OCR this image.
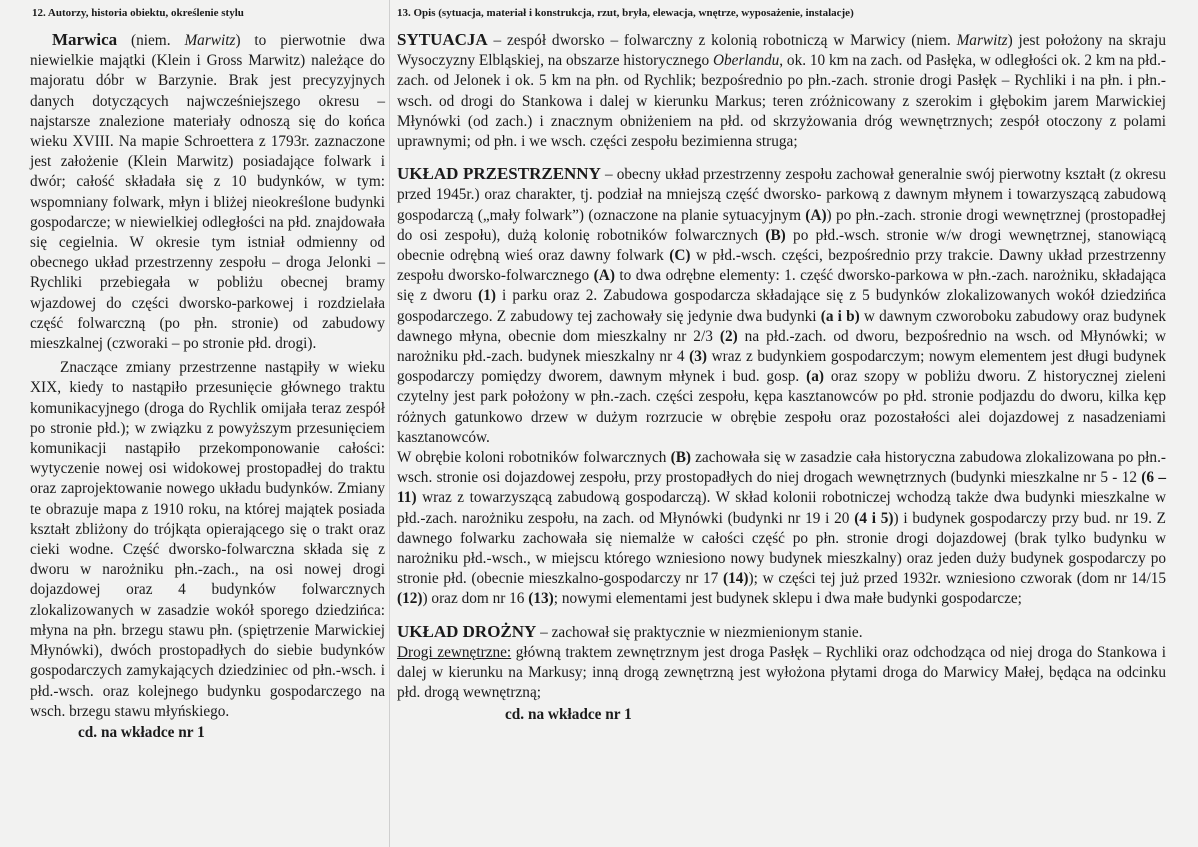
12. Autorzy, historia obiektu, określenie stylu	13. Opis (sytuacja, materiał i konstrukcja, rzut, bryła, elewacja, wnętrze, wyposażenie, instalacje)

Marwica (niem. Marwitz) to pierwotnie dwa niewielkie majątki (Klein i Gross Marwitz) należące do majoratu dóbr w Barzynie. Brak jest precyzyjnych danych dotyczących najwcześniejszego okresu – najstarsze znalezione materiały odnoszą się do końca wieku XVIII. Na mapie Schroettera z 1793r. zaznaczone jest założenie (Klein Marwitz) posiadające folwark i dwór; całość składała się z 10 budynków, w tym: wspomniany folwark, młyn i bliżej nieokreślone budynki gospodarcze; w niewielkiej odległości na płd. znajdowała się cegielnia. W okresie tym istniał odmienny od obecnego układ przestrzenny zespołu – droga Jelonki – Rychliki przebiegała w pobliżu obecnej bramy wjazdowej do części dworsko-parkowej i rozdzielała część folwarczną (po płn. stronie) od zabudowy mieszkalnej (czworaki – po stronie płd. drogi).

Znaczące zmiany przestrzenne nastąpiły w wieku XIX, kiedy to nastąpiło przesunięcie głównego traktu komunikacyjnego (droga do Rychlik omijała teraz zespół po stronie płd.); w związku z powyższym przesunięciem komunikacji nastąpiło przekomponowanie całości: wytyczenie nowej osi widokowej prostopadłej do traktu oraz zaprojektowanie nowego układu budynków. Zmiany te obrazuje mapa z 1910 roku, na której majątek posiada kształt zbliżony do trójkąta opierającego się o trakt oraz cieki wodne. Część dworsko-folwarczna składa się z dworu w narożniku płn.-zach., na osi nowej drogi dojazdowej oraz 4 budynków folwarcznych zlokalizowanych w zasadzie wokół sporego dziedzińca: młyna na płn. brzegu stawu płn. (spiętrzenie Marwickiej Młynówki), dwóch prostopadłych do siebie budynków gospodarczych zamykających dziedziniec od płn.-wsch. i płd.-wsch. oraz kolejnego budynku gospodarczego na wsch. brzegu stawu młyńskiego.

cd. na wkładce nr 1

SYTUACJA – zespół dworsko – folwarczny z kolonią robotniczą w Marwicy (niem. Marwitz) jest położony na skraju Wysoczyzny Elbląskiej, na obszarze historycznego Oberlandu, ok. 10 km na zach. od Pasłęka, w odległości ok. 2 km na płd.-zach. od Jelonek i ok. 5 km na płn. od Rychlik; bezpośrednio po płn.-zach. stronie drogi Pasłęk – Rychliki i na płn. i płn.-wsch. od drogi do Stankowa i dalej w kierunku Markus; teren zróżnicowany z szerokim i głębokim jarem Marwickiej Młynówki (od zach.) i znacznym obniżeniem na płd. od skrzyżowania dróg wewnętrznych; zespół otoczony z polami uprawnymi; od płn. i we wsch. części zespołu bezimienna struga;

UKŁAD PRZESTRZENNY – obecny układ przestrzenny zespołu zachował generalnie swój pierwotny kształt (z okresu przed 1945r.) oraz charakter, tj. podział na mniejszą część dworsko- parkową z dawnym młynem i towarzyszącą zabudową gospodarczą („mały folwark”) (oznaczone na planie sytuacyjnym (A)) po płn.-zach. stronie drogi wewnętrznej (prostopadłej do osi zespołu), dużą kolonię robotników folwarcznych (B) po płd.-wsch. stronie w/w drogi wewnętrznej, stanowiącą obecnie odrębną wieś oraz dawny folwark (C) w płd.-wsch. części, bezpośrednio przy trakcie. Dawny układ przestrzenny zespołu dworsko-folwarcznego (A) to dwa odrębne elementy: 1. część dworsko-parkowa w płn.-zach. narożniku, składająca się z dworu (1) i parku oraz 2. Zabudowa gospodarcza składające się z 5 budynków zlokalizowanych wokół dziedzińca gospodarczego. Z zabudowy tej zachowały się jedynie dwa budynki (a i b) w dawnym czworoboku zabudowy oraz budynek dawnego młyna, obecnie dom mieszkalny nr 2/3 (2) na płd.-zach. od dworu, bezpośrednio na wsch. od Młynówki; w narożniku płd.-zach. budynek mieszkalny nr 4 (3) wraz z budynkiem gospodarczym; nowym elementem jest długi budynek gospodarczy pomiędzy dworem, dawnym młynek i bud. gosp. (a) oraz szopy w pobliżu dworu. Z historycznej zieleni czytelny jest park położony w płn.-zach. części zespołu, kępa kasztanowców po płd. stronie podjazdu do dworu, kilka kęp różnych gatunkowo drzew w dużym rozrzucie w obrębie zespołu oraz pozostałości alei dojazdowej z nasadzeniami kasztanowców.

W obrębie koloni robotników folwarcznych (B) zachowała się w zasadzie cała historyczna zabudowa zlokalizowana po płn.-wsch. stronie osi dojazdowej zespołu, przy prostopadłych do niej drogach wewnętrznych (budynki mieszkalne nr 5 - 12 (6 – 11) wraz z towarzyszącą zabudową gospodarczą). W skład kolonii robotniczej wchodzą także dwa budynki mieszkalne w płd.-zach. narożniku zespołu, na zach. od Młynówki (budynki nr 19 i 20 (4 i 5)) i budynek gospodarczy przy bud. nr 19. Z dawnego folwarku zachowała się niemalże w całości część po płn. stronie drogi dojazdowej (brak tylko budynku w narożniku płd.-wsch., w miejscu którego wzniesiono nowy budynek mieszkalny) oraz jeden duży budynek gospodarczy po stronie płd. (obecnie mieszkalno-gospodarczy nr 17 (14)); w części tej już przed 1932r. wzniesiono czworak (dom nr 14/15 (12)) oraz dom nr 16 (13); nowymi elementami jest budynek sklepu i dwa małe budynki gospodarcze;

UKŁAD DROŻNY – zachował się praktycznie w niezmienionym stanie.

Drogi zewnętrzne: główną traktem zewnętrznym jest droga Pasłęk – Rychliki oraz odchodząca od niej droga do Stankowa i dalej w kierunku na Markusy; inną drogą zewnętrzną jest wyłożona płytami droga do Marwicy Małej, będąca na odcinku płd. drogą wewnętrzną;

cd. na wkładce nr 1
